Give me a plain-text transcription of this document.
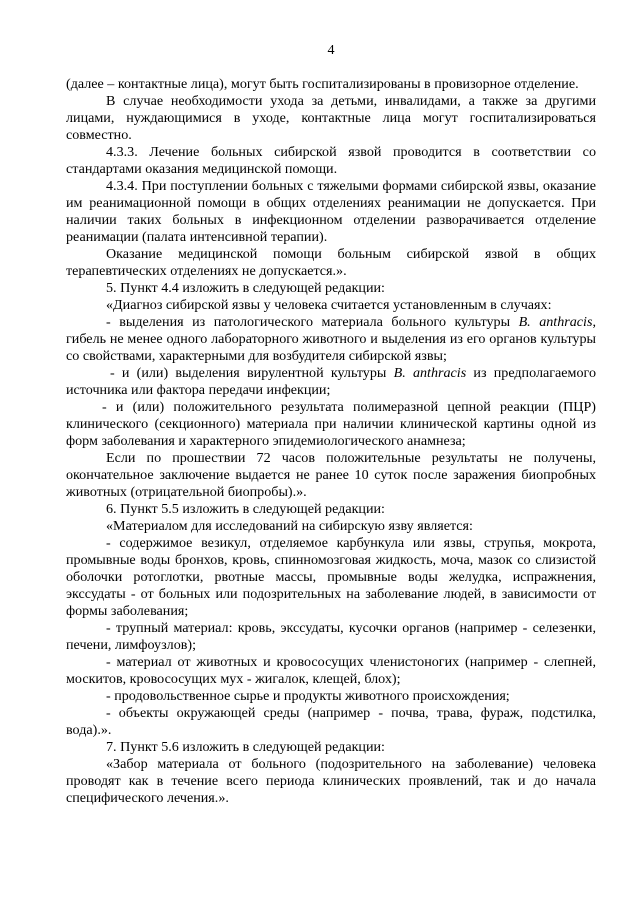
4

(далее – контактные лица), могут быть госпитализированы в провизорное отделение.

В случае необходимости ухода за детьми, инвалидами, а также за другими лицами, нуждающимися в уходе, контактные лица могут госпитализироваться совместно.

4.3.3. Лечение больных сибирской язвой проводится в соответствии со стандартами оказания медицинской помощи.

4.3.4. При поступлении больных с тяжелыми формами сибирской язвы, оказание им реанимационной помощи в общих отделениях реанимации не допускается. При наличии таких больных в инфекционном отделении разворачивается отделение реанимации (палата интенсивной терапии).

Оказание медицинской помощи больным сибирской язвой в общих терапевтических отделениях не допускается.».

5. Пункт 4.4 изложить в следующей редакции:

«Диагноз сибирской язвы у человека считается установленным в случаях:

- выделения из патологического материала больного культуры B. anthracis, гибель не менее одного лабораторного животного и выделения из его органов культуры со свойствами, характерными для возбудителя сибирской язвы;

- и (или) выделения вирулентной культуры B. anthracis из предполагаемого источника или фактора передачи инфекции;

- и (или) положительного результата полимеразной цепной реакции (ПЦР) клинического (секционного) материала при наличии клинической картины одной из форм заболевания и характерного эпидемиологического анамнеза;

Если по прошествии 72 часов положительные результаты не получены, окончательное заключение выдается не ранее 10 суток после заражения биопробных животных (отрицательной биопробы).».

6. Пункт 5.5 изложить в следующей редакции:

«Материалом для исследований на сибирскую язву является:

- содержимое везикул, отделяемое карбункула или язвы, струпья, мокрота, промывные воды бронхов, кровь, спинномозговая жидкость, моча, мазок со слизистой оболочки ротоглотки, рвотные массы, промывные воды желудка, испражнения, экссудаты - от больных или подозрительных на заболевание людей, в зависимости от формы заболевания;

- трупный материал: кровь, экссудаты, кусочки органов (например - селезенки, печени, лимфоузлов);

- материал от животных и кровососущих членистоногих (например - слепней, москитов, кровососущих мух - жигалок, клещей, блох);

- продовольственное сырье и продукты животного происхождения;

- объекты окружающей среды (например - почва, трава, фураж, подстилка, вода).».

7. Пункт 5.6 изложить в следующей редакции:

«Забор материала от больного (подозрительного на заболевание) человека проводят как в течение всего периода клинических проявлений, так и до начала специфического лечения.».
